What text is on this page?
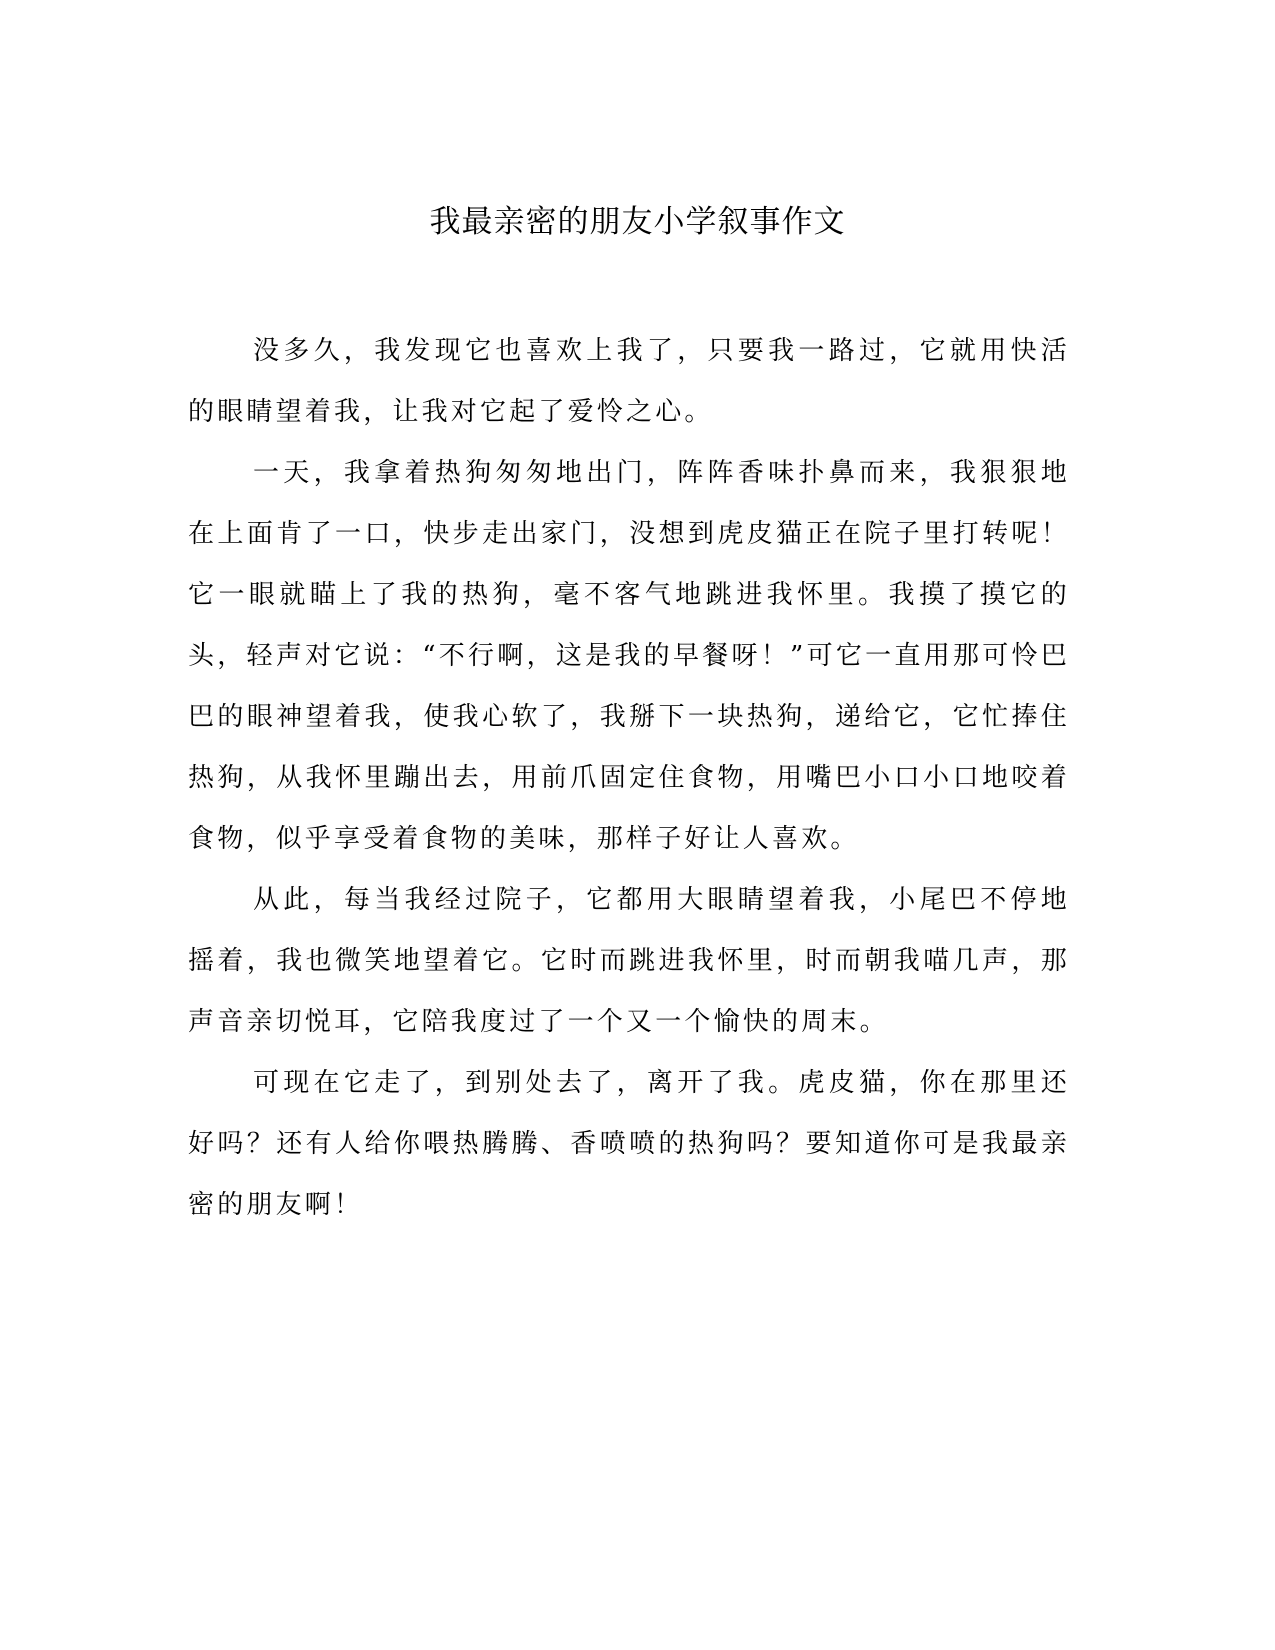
我最亲密的朋友小学叙事作文

没多久，我发现它也喜欢上我了，只要我一路过，它就用快活的眼睛望着我，让我对它起了爱怜之心。

一天，我拿着热狗匆匆地出门，阵阵香味扑鼻而来，我狠狠地在上面肯了一口，快步走出家门，没想到虎皮猫正在院子里打转呢！它一眼就瞄上了我的热狗，毫不客气地跳进我怀里。我摸了摸它的头，轻声对它说：“不行啊，这是我的早餐呀！”可它一直用那可怜巴巴的眼神望着我，使我心软了，我掰下一块热狗，递给它，它忙捧住热狗，从我怀里蹦出去，用前爪固定住食物，用嘴巴小口小口地咬着食物，似乎享受着食物的美味，那样子好让人喜欢。

从此，每当我经过院子，它都用大眼睛望着我，小尾巴不停地摇着，我也微笑地望着它。它时而跳进我怀里，时而朝我喵几声，那声音亲切悦耳，它陪我度过了一个又一个愉快的周末。

可现在它走了，到别处去了，离开了我。虎皮猫，你在那里还好吗？还有人给你喂热腾腾、香喷喷的热狗吗？要知道你可是我最亲密的朋友啊！
